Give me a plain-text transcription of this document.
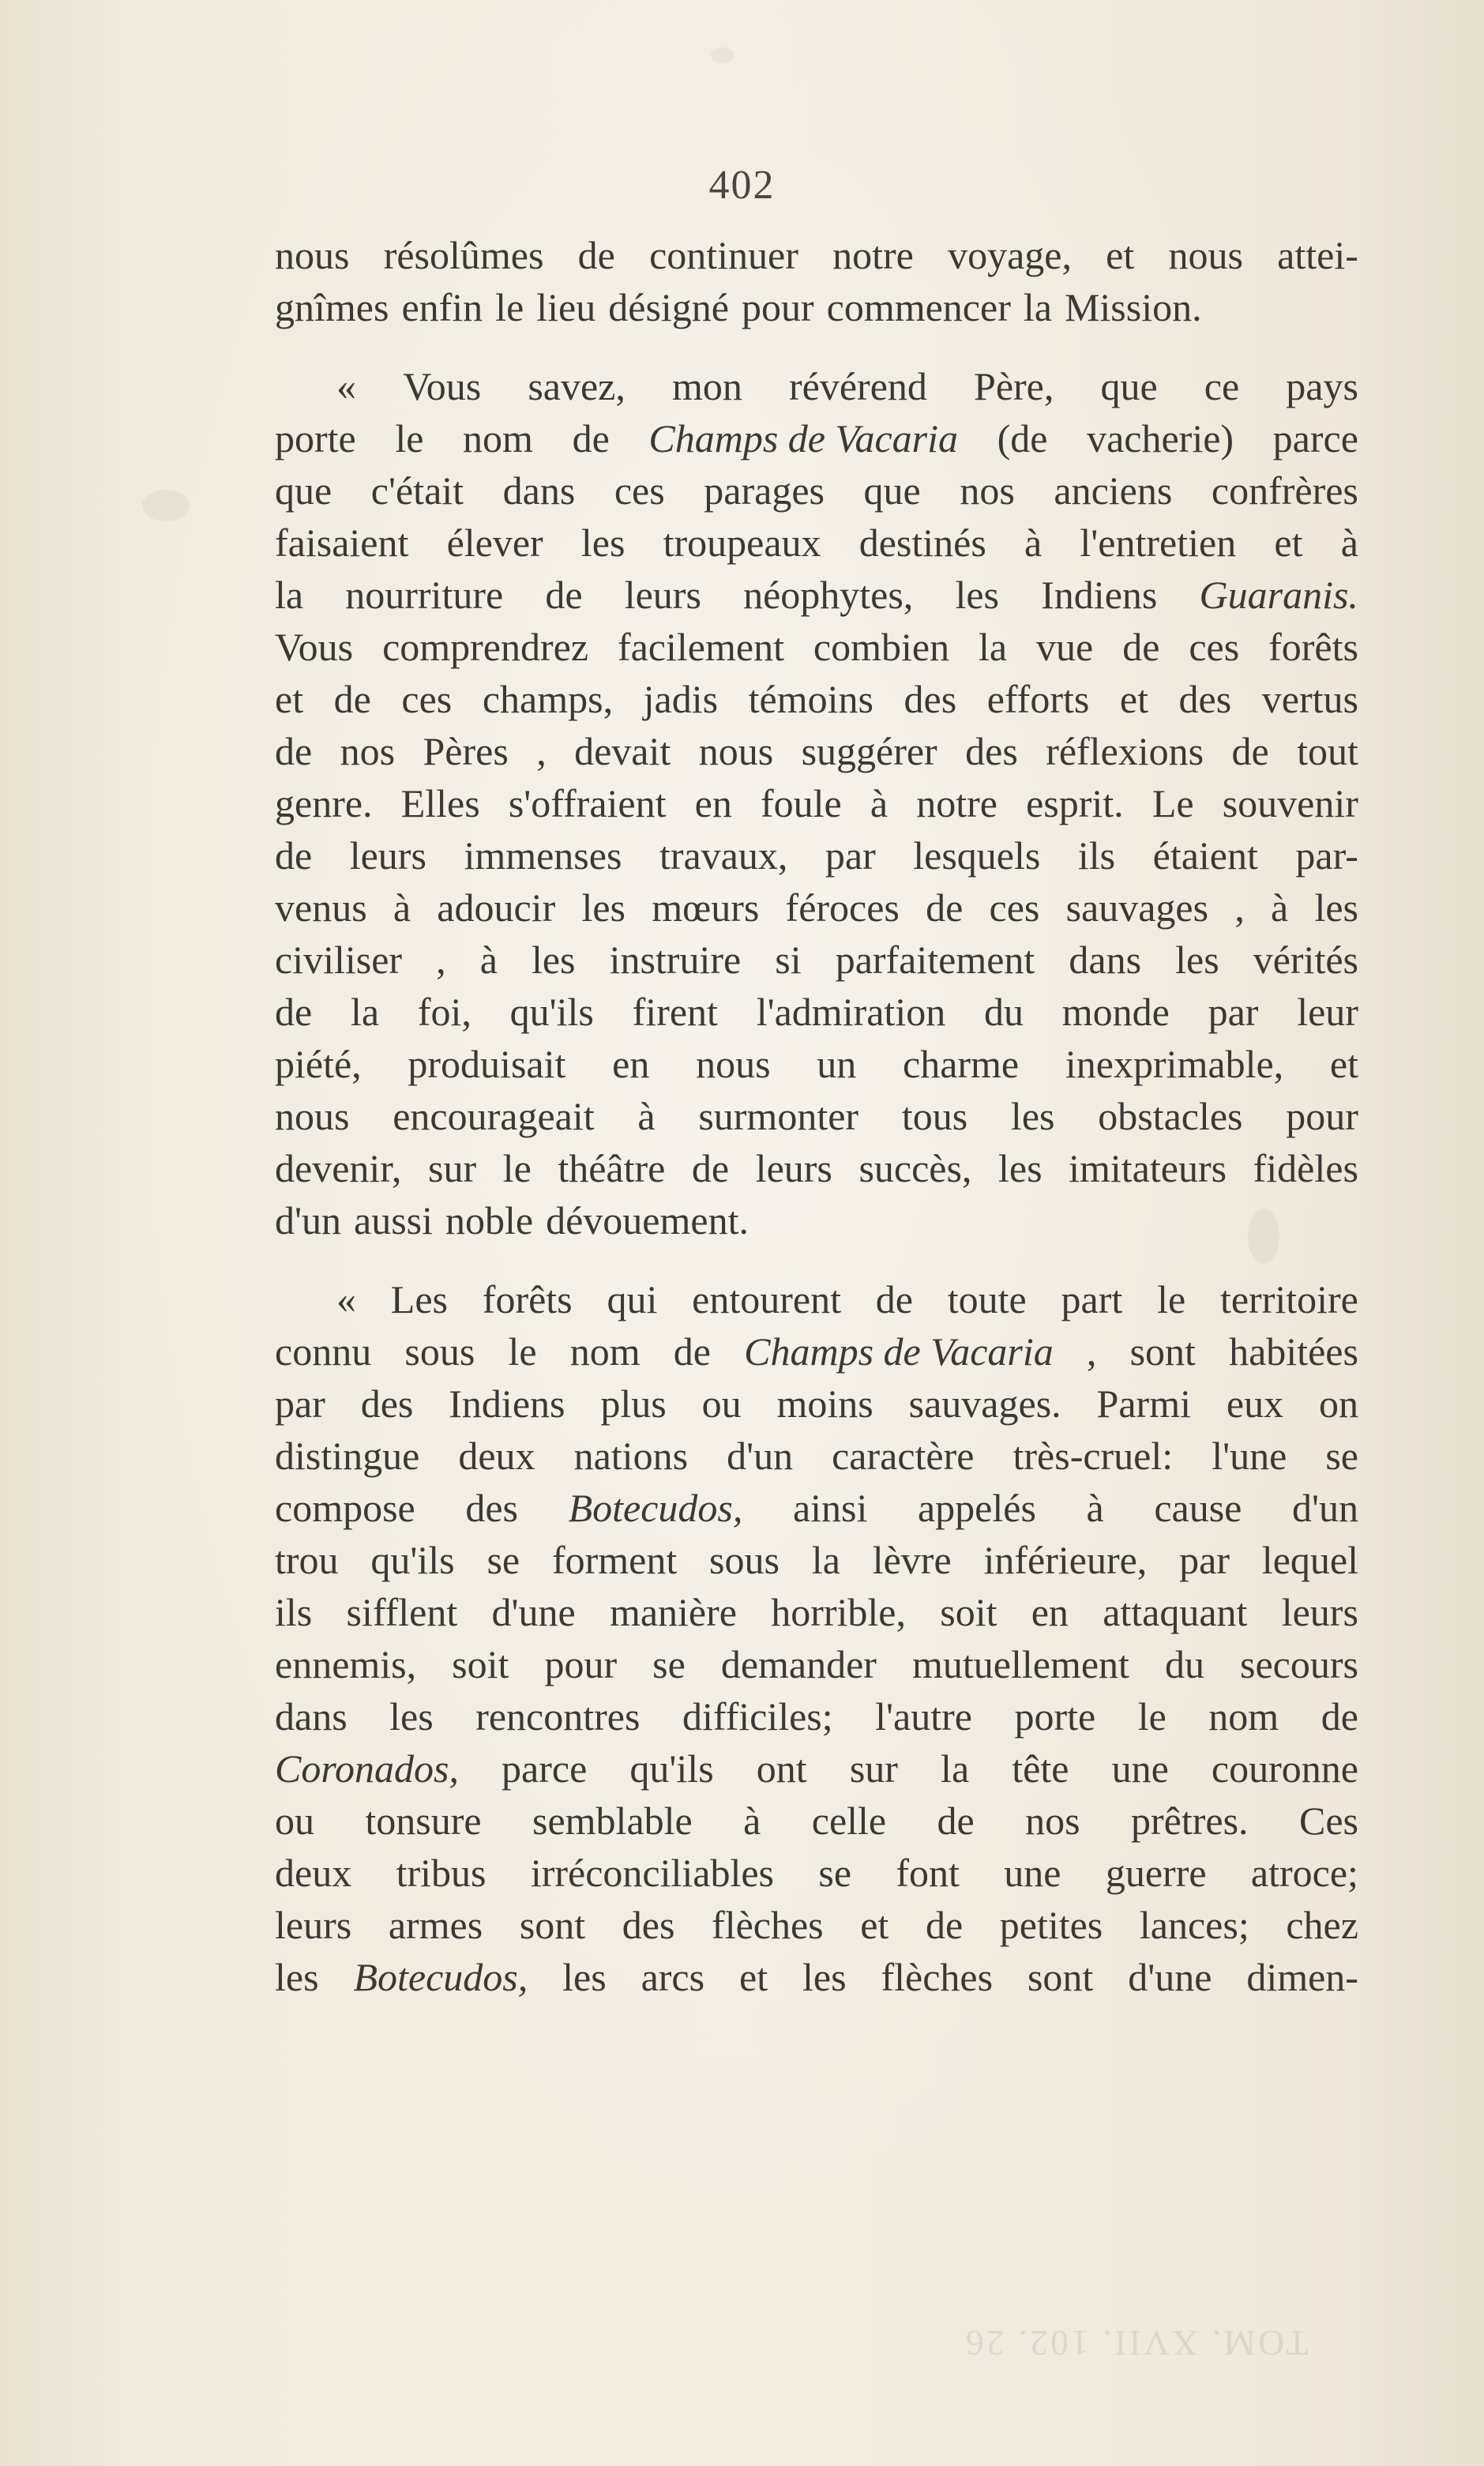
402
nous résolûmes de continuer notre voyage, et nous attei-
gnîmes enfin le lieu désigné pour commencer la Mission.
« Vous savez, mon révérend Père, que ce pays
porte le nom de Champs de Vacaria (de vacherie) parce
que c'était dans ces parages que nos anciens confrères
faisaient élever les troupeaux destinés à l'entretien et à
la nourriture de leurs néophytes, les Indiens Guaranis.
Vous comprendrez facilement combien la vue de ces forêts
et de ces champs, jadis témoins des efforts et des vertus
de nos Pères , devait nous suggérer des réflexions de tout
genre. Elles s'offraient en foule à notre esprit. Le souvenir
de leurs immenses travaux, par lesquels ils étaient par-
venus à adoucir les mœurs féroces de ces sauvages , à les
civiliser , à les instruire si parfaitement dans les vérités
de la foi, qu'ils firent l'admiration du monde par leur
piété, produisait en nous un charme inexprimable, et
nous encourageait à surmonter tous les obstacles pour
devenir, sur le théâtre de leurs succès, les imitateurs fidèles
d'un aussi noble dévouement.
« Les forêts qui entourent de toute part le territoire
connu sous le nom de Champs de Vacaria , sont habitées
par des Indiens plus ou moins sauvages. Parmi eux on
distingue deux nations d'un caractère très-cruel: l'une se
compose des Botecudos, ainsi appelés à cause d'un
trou qu'ils se forment sous la lèvre inférieure, par lequel
ils sifflent d'une manière horrible, soit en attaquant leurs
ennemis, soit pour se demander mutuellement du secours
dans les rencontres difficiles; l'autre porte le nom de
Coronados, parce qu'ils ont sur la tête une couronne
ou tonsure semblable à celle de nos prêtres. Ces
deux tribus irréconciliables se font une guerre atroce;
leurs armes sont des flèches et de petites lances; chez
les Botecudos, les arcs et les flèches sont d'une dimen-
TOM. XVII. 102. 26
